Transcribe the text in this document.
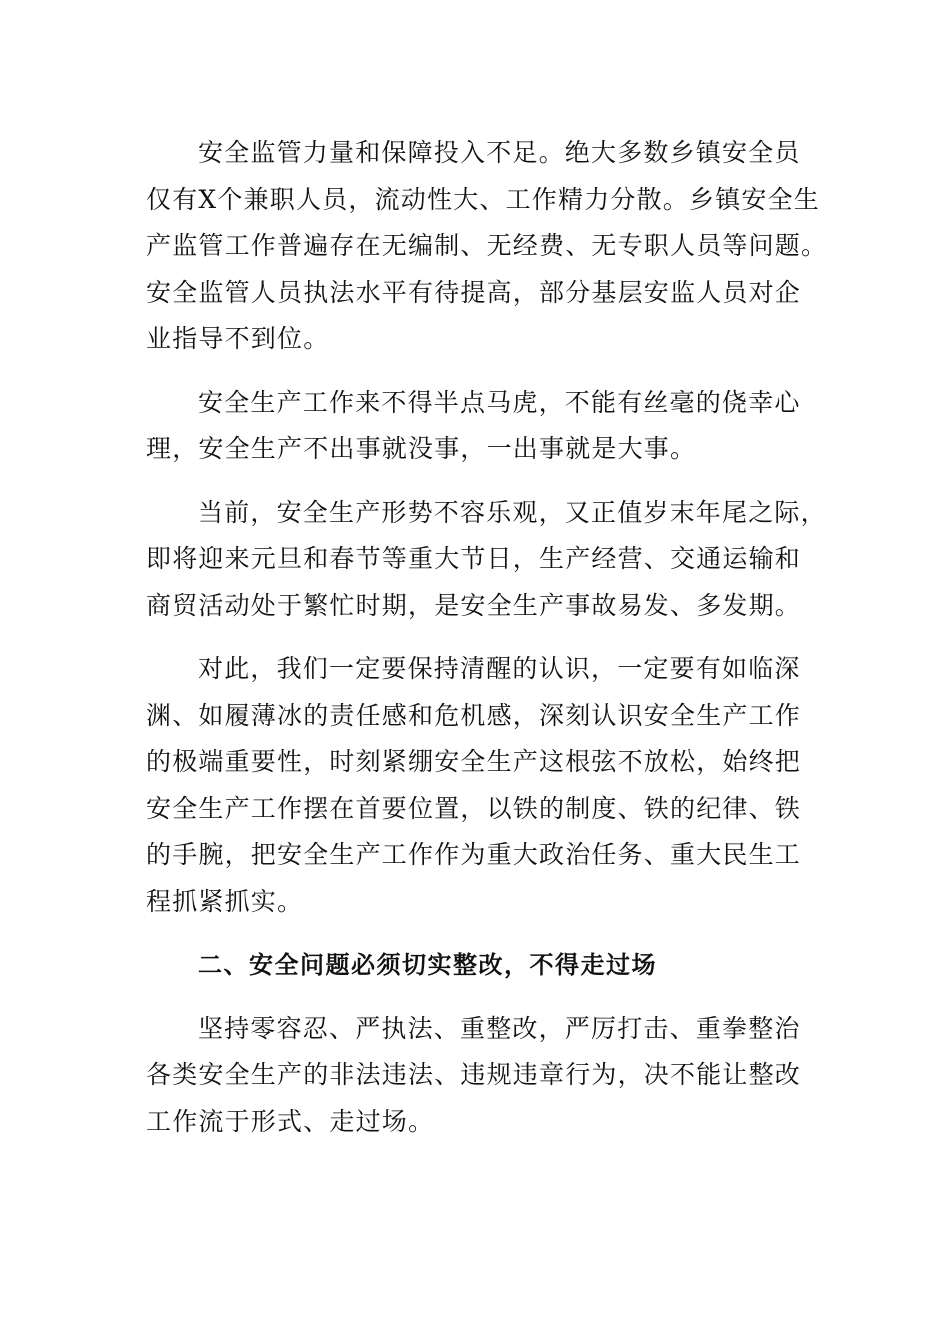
安全监管力量和保障投入不足。绝大多数乡镇安全员
仅有X个兼职人员，流动性大、工作精力分散。乡镇安全生
产监管工作普遍存在无编制、无经费、无专职人员等问题。
安全监管人员执法水平有待提高，部分基层安监人员对企
业指导不到位。

安全生产工作来不得半点马虎，不能有丝毫的侥幸心
理，安全生产不出事就没事，一出事就是大事。

当前，安全生产形势不容乐观，又正值岁末年尾之际，
即将迎来元旦和春节等重大节日，生产经营、交通运输和
商贸活动处于繁忙时期，是安全生产事故易发、多发期。

对此，我们一定要保持清醒的认识，一定要有如临深
渊、如履薄冰的责任感和危机感，深刻认识安全生产工作
的极端重要性，时刻紧绷安全生产这根弦不放松，始终把
安全生产工作摆在首要位置，以铁的制度、铁的纪律、铁
的手腕，把安全生产工作作为重大政治任务、重大民生工
程抓紧抓实。

二、安全问题必须切实整改，不得走过场

坚持零容忍、严执法、重整改，严厉打击、重拳整治
各类安全生产的非法违法、违规违章行为，决不能让整改
工作流于形式、走过场。
